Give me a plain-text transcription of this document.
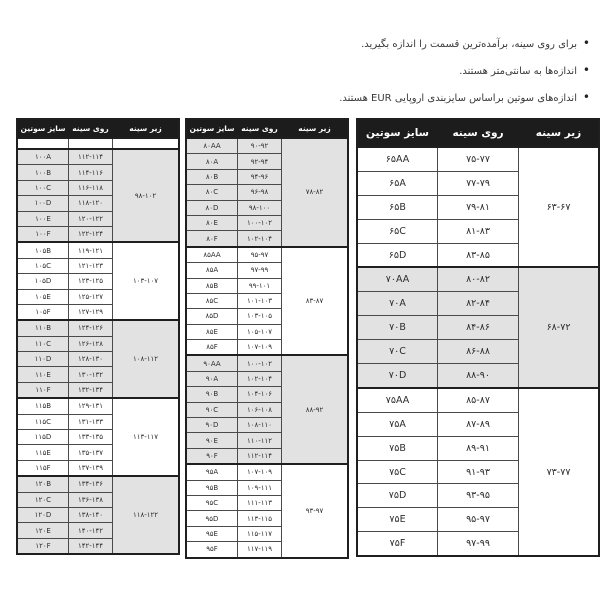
• برای روی سینه، برآمده‌ترین قسمت را اندازه بگیرید.
• اندازه‌ها به سانتی‌متر هستند.
• اندازه‌های سوتین براساس سایزبندی اروپایی EUR هستند.
زیر سینه	روی سینه	سایز سوتین

۹۸-۱۰۲	۱۱۲-۱۱۴	۱۰۰A
	۱۱۴-۱۱۶	۱۰۰B
	۱۱۶-۱۱۸	۱۰۰C
	۱۱۸-۱۲۰	۱۰۰D
	۱۲۰-۱۲۲	۱۰۰E
	۱۲۲-۱۲۴	۱۰۰F
۱۰۳-۱۰۷	۱۱۹-۱۲۱	۱۰۵B
	۱۲۱-۱۲۳	۱۰۵C
	۱۲۳-۱۲۵	۱۰۵D
	۱۲۵-۱۲۷	۱۰۵E
	۱۲۷-۱۲۹	۱۰۵F
۱۰۸-۱۱۲	۱۲۴-۱۲۶	۱۱۰B
	۱۲۶-۱۲۸	۱۱۰C
	۱۲۸-۱۳۰	۱۱۰D
	۱۳۰-۱۳۲	۱۱۰E
	۱۳۲-۱۳۴	۱۱۰F
۱۱۳-۱۱۷	۱۲۹-۱۳۱	۱۱۵B
	۱۳۱-۱۳۳	۱۱۵C
	۱۳۳-۱۳۵	۱۱۵D
	۱۳۵-۱۳۷	۱۱۵E
	۱۳۷-۱۳۹	۱۱۵F
۱۱۸-۱۲۲	۱۳۴-۱۳۶	۱۲۰B
	۱۳۶-۱۳۸	۱۲۰C
	۱۳۸-۱۴۰	۱۲۰D
	۱۴۰-۱۴۲	۱۲۰E
	۱۴۲-۱۴۴	۱۲۰F
زیر سینه	روی سینه	سایز سوتین
۷۸-۸۲	۹۰-۹۲	۸۰AA
	۹۲-۹۴	۸۰A
	۹۴-۹۶	۸۰B
	۹۶-۹۸	۸۰C
	۹۸-۱۰۰	۸۰D
	۱۰۰-۱۰۲	۸۰E
	۱۰۲-۱۰۴	۸۰F
۸۳-۸۷	۹۵-۹۷	۸۵AA
	۹۷-۹۹	۸۵A
	۹۹-۱۰۱	۸۵B
	۱۰۱-۱۰۳	۸۵C
	۱۰۳-۱۰۵	۸۵D
	۱۰۵-۱۰۷	۸۵E
	۱۰۷-۱۰۹	۸۵F
۸۸-۹۲	۱۰۰-۱۰۲	۹۰AA
	۱۰۲-۱۰۴	۹۰A
	۱۰۴-۱۰۶	۹۰B
	۱۰۶-۱۰۸	۹۰C
	۱۰۸-۱۱۰	۹۰D
	۱۱۰-۱۱۲	۹۰E
	۱۱۲-۱۱۴	۹۰F
۹۳-۹۷	۱۰۷-۱۰۹	۹۵A
	۱۰۹-۱۱۱	۹۵B
	۱۱۱-۱۱۳	۹۵C
	۱۱۳-۱۱۵	۹۵D
	۱۱۵-۱۱۷	۹۵E
	۱۱۷-۱۱۹	۹۵F
زیر سینه	روی سینه	سایز سوتین
۶۳-۶۷	۷۵-۷۷	۶۵AA
	۷۷-۷۹	۶۵A
	۷۹-۸۱	۶۵B
	۸۱-۸۳	۶۵C
	۸۳-۸۵	۶۵D
۶۸-۷۲	۸۰-۸۲	۷۰AA
	۸۲-۸۴	۷۰A
	۸۴-۸۶	۷۰B
	۸۶-۸۸	۷۰C
	۸۸-۹۰	۷۰D
۷۳-۷۷	۸۵-۸۷	۷۵AA
	۸۷-۸۹	۷۵A
	۸۹-۹۱	۷۵B
	۹۱-۹۳	۷۵C
	۹۳-۹۵	۷۵D
	۹۵-۹۷	۷۵E
	۹۷-۹۹	۷۵F
